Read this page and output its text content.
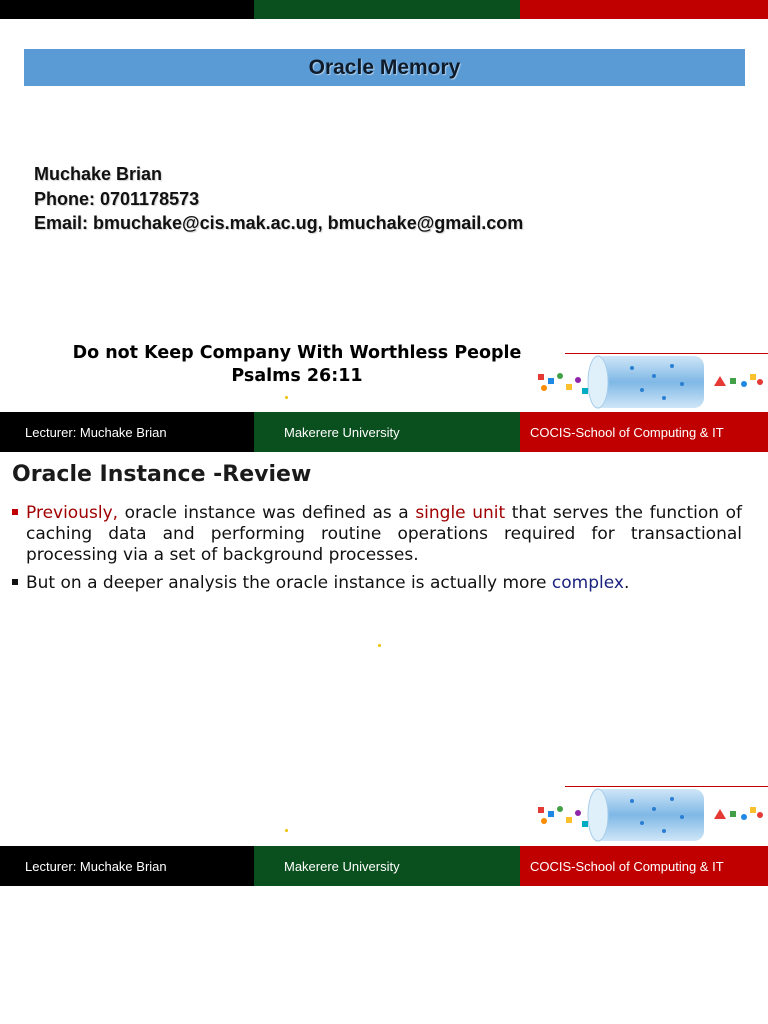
Oracle Memory
Muchake Brian
Phone: 0701178573
Email: bmuchake@cis.mak.ac.ug, bmuchake@gmail.com
Do not Keep Company With Worthless People
Psalms 26:11
Lecturer: Muchake Brian	Makerere University	COCIS-School of Computing & IT
Oracle Instance -Review
Previously, oracle instance was defined as a single unit that serves the function of caching data and performing routine operations required for transactional processing via a set of background processes.
But on a deeper analysis the oracle instance is actually more complex.
Lecturer: Muchake Brian	Makerere University	COCIS-School of Computing & IT
